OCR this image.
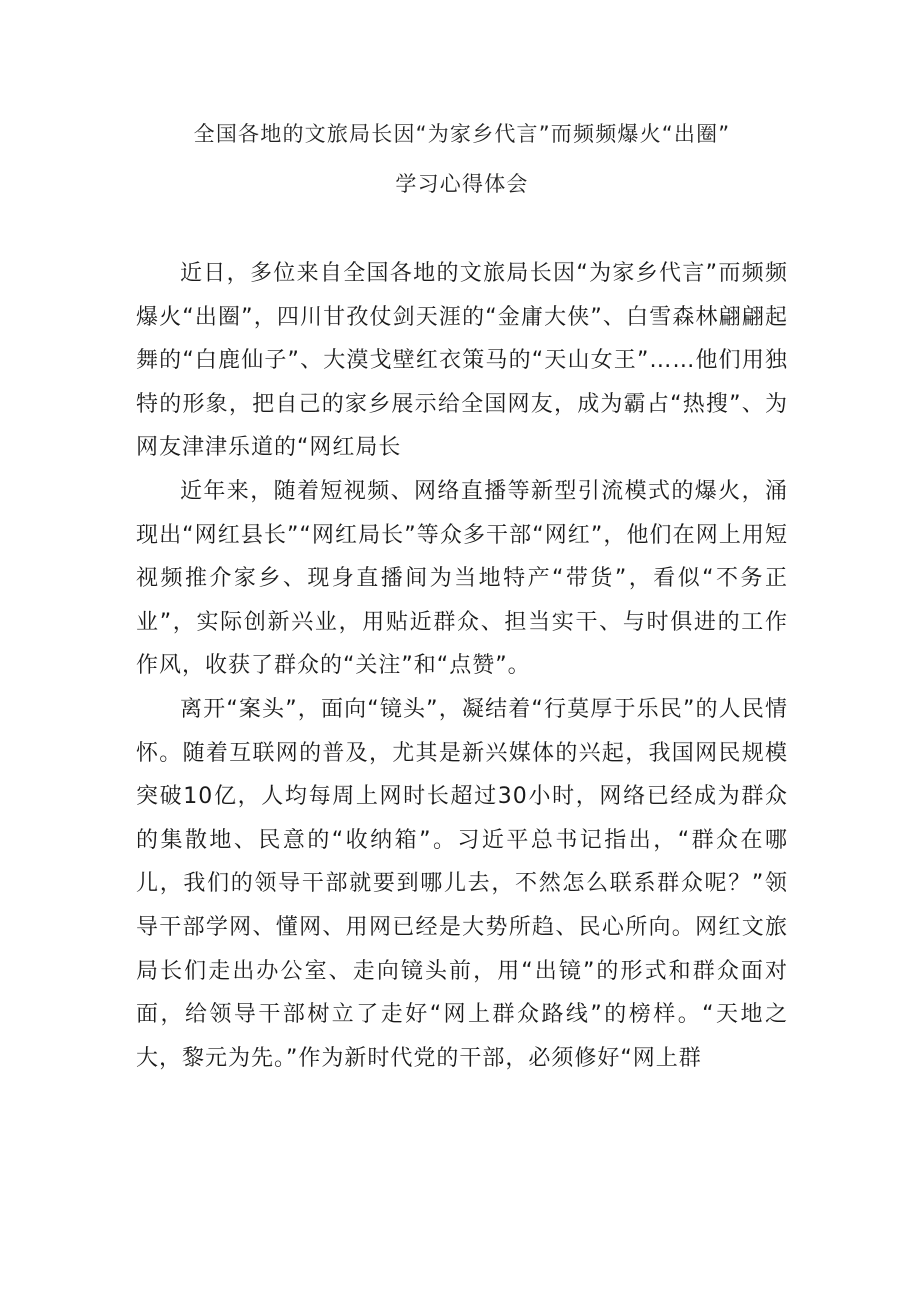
全国各地的文旅局长因“为家乡代言”而频频爆火“出圈”
学习心得体会

近日，多位来自全国各地的文旅局长因“为家乡代言”而频频爆火“出圈”，四川甘孜仗剑天涯的“金庸大侠”、白雪森林翩翩起舞的“白鹿仙子”、大漠戈壁红衣策马的“天山女王”……他们用独特的形象，把自己的家乡展示给全国网友，成为霸占“热搜”、为网友津津乐道的“网红局长

近年来，随着短视频、网络直播等新型引流模式的爆火，涌现出“网红县长”“网红局长”等众多干部“网红”，他们在网上用短视频推介家乡、现身直播间为当地特产“带货”，看似“不务正业”，实际创新兴业，用贴近群众、担当实干、与时俱进的工作作风，收获了群众的“关注”和“点赞”。

离开“案头”，面向“镜头”，凝结着“行莫厚于乐民”的人民情怀。随着互联网的普及，尤其是新兴媒体的兴起，我国网民规模突破10亿，人均每周上网时长超过30小时，网络已经成为群众的集散地、民意的“收纳箱”。习近平总书记指出，“群众在哪儿，我们的领导干部就要到哪儿去，不然怎么联系群众呢？”领导干部学网、懂网、用网已经是大势所趋、民心所向。网红文旅局长们走出办公室、走向镜头前，用“出镜”的形式和群众面对面，给领导干部树立了走好“网上群众路线”的榜样。“天地之大，黎元为先。”作为新时代党的干部，必须修好“网上群
